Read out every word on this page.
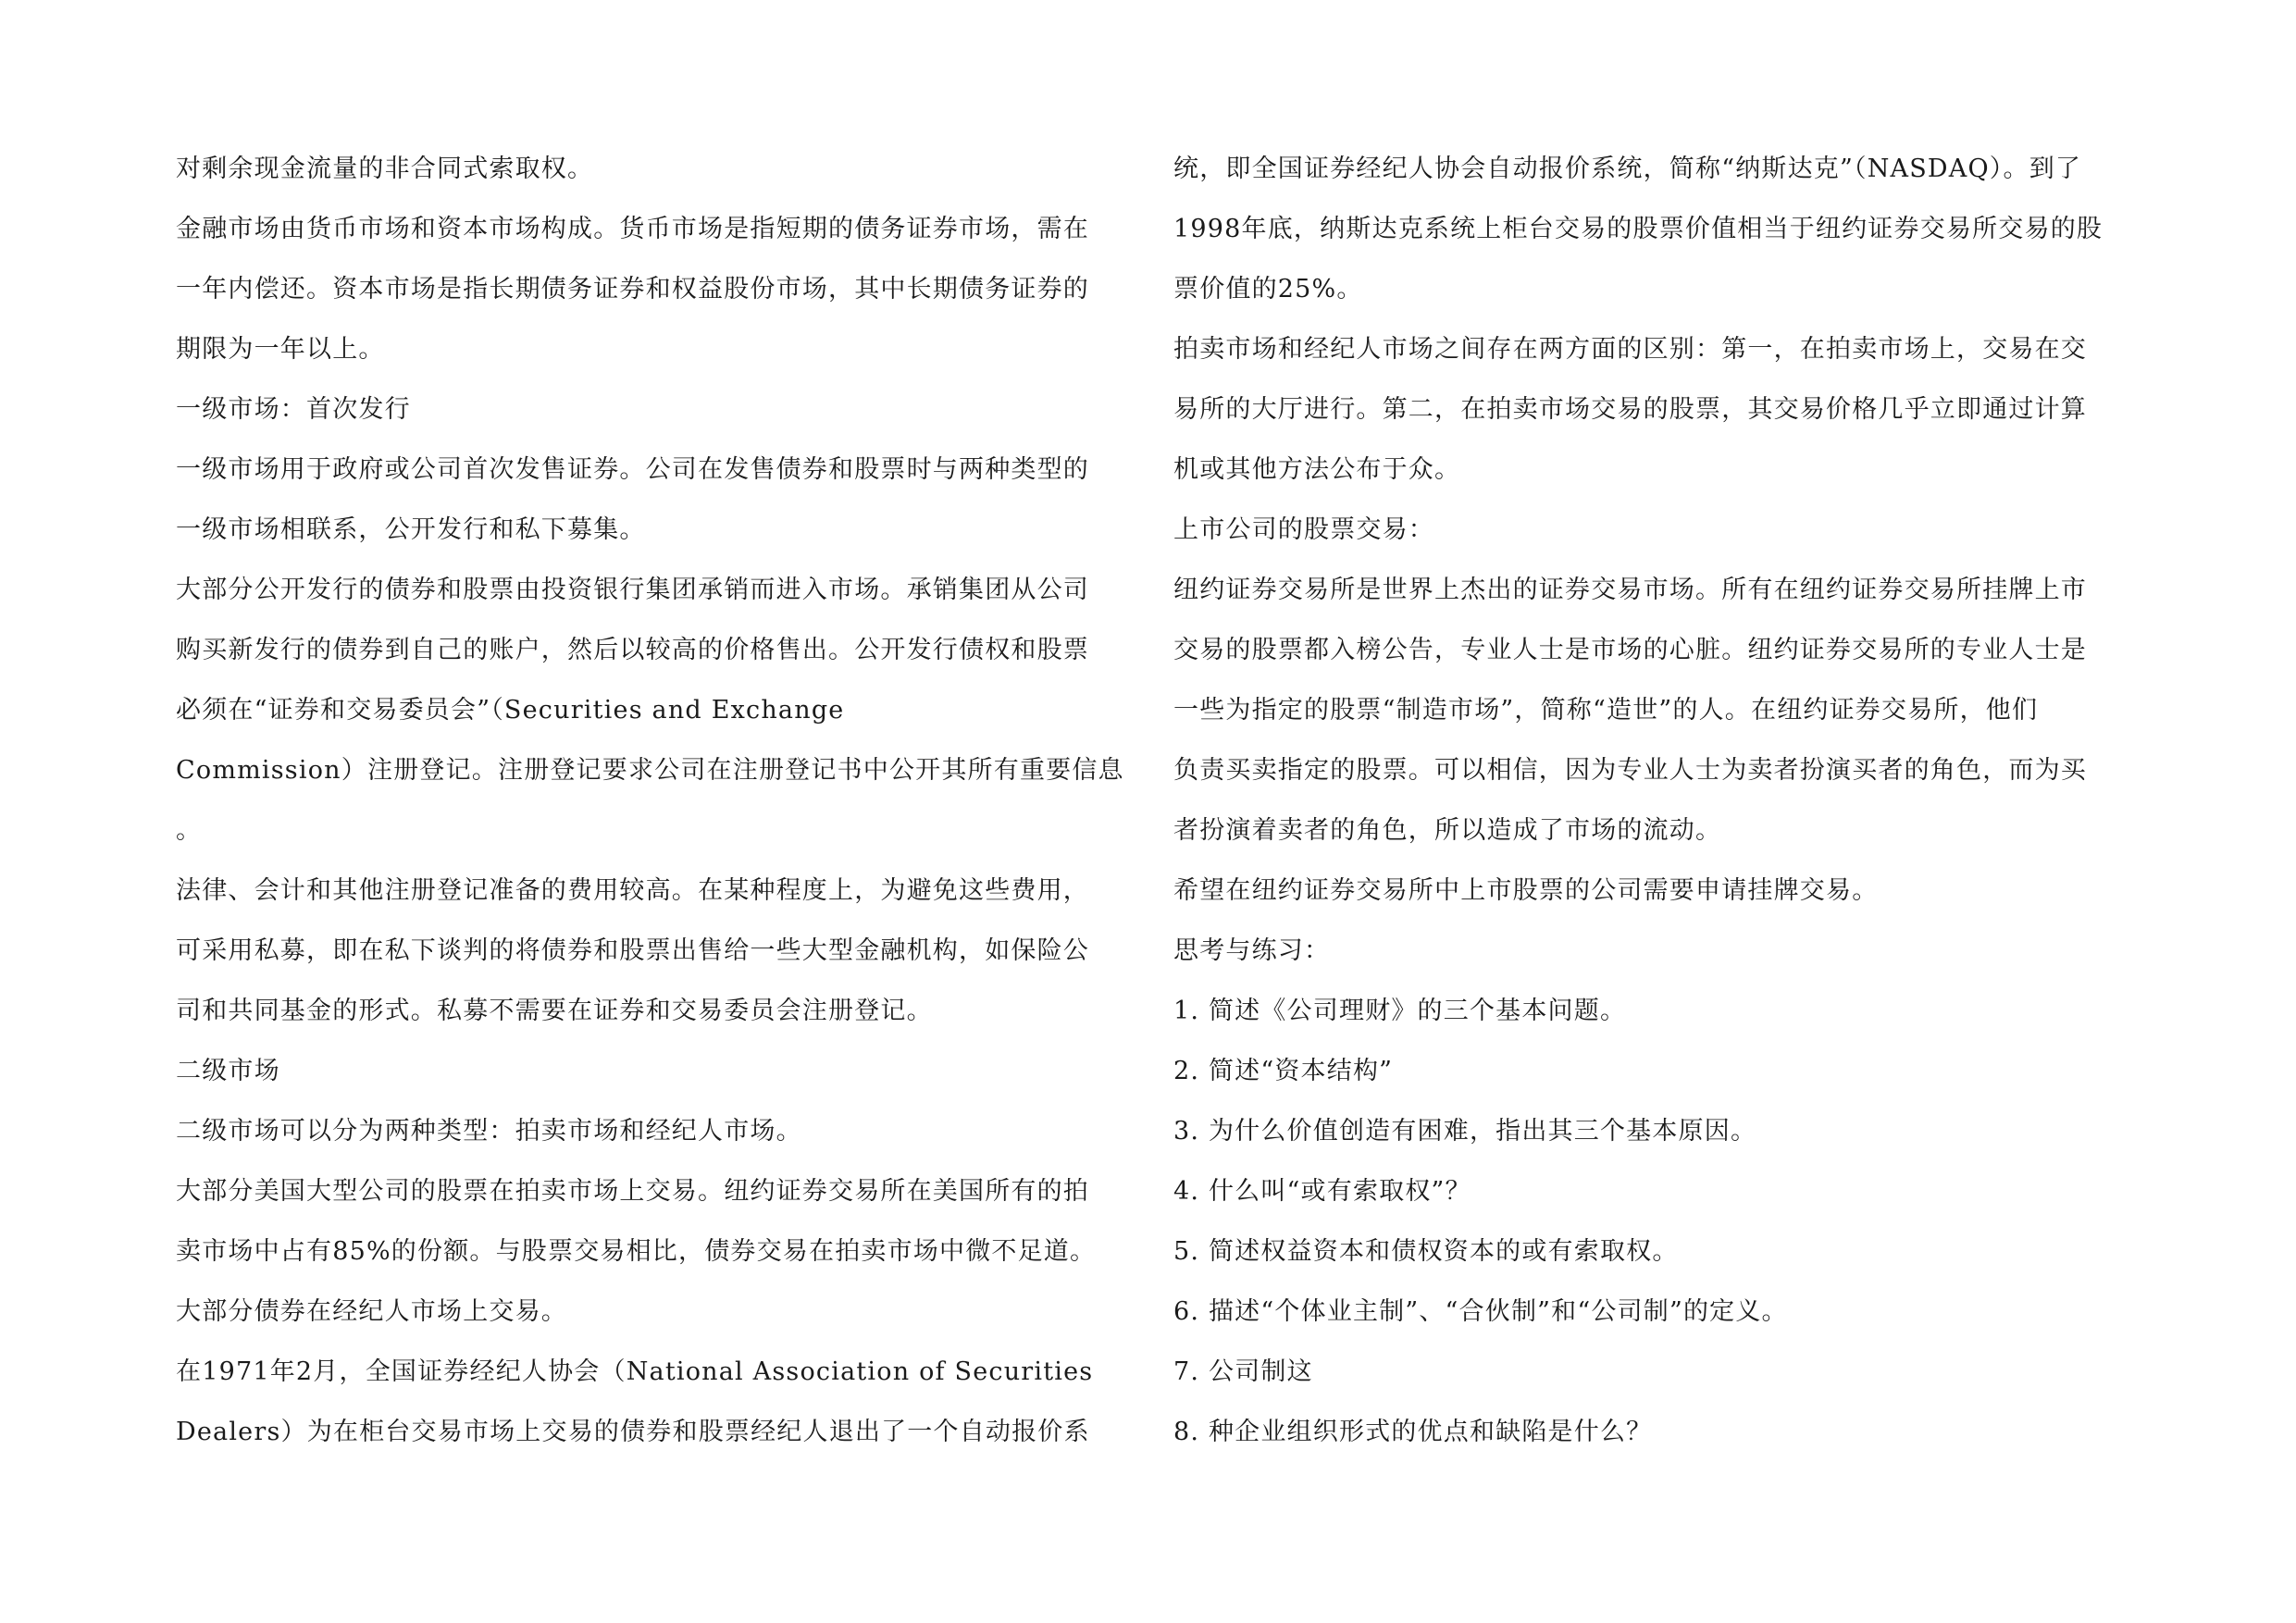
对剩余现金流量的非合同式索取权。
金融市场由货币市场和资本市场构成。货币市场是指短期的债务证券市场，需在
一年内偿还。资本市场是指长期债务证券和权益股份市场，其中长期债务证券的
期限为一年以上。
一级市场：首次发行
一级市场用于政府或公司首次发售证券。公司在发售债券和股票时与两种类型的
一级市场相联系，公开发行和私下募集。
大部分公开发行的债券和股票由投资银行集团承销而进入市场。承销集团从公司
购买新发行的债券到自己的账户，然后以较高的价格售出。公开发行债权和股票
必须在“证券和交易委员会”（Securities and Exchange
Commission）注册登记。注册登记要求公司在注册登记书中公开其所有重要信息
。
法律、会计和其他注册登记准备的费用较高。在某种程度上，为避免这些费用，
可采用私募，即在私下谈判的将债券和股票出售给一些大型金融机构，如保险公
司和共同基金的形式。私募不需要在证券和交易委员会注册登记。
二级市场
二级市场可以分为两种类型：拍卖市场和经纪人市场。
大部分美国大型公司的股票在拍卖市场上交易。纽约证券交易所在美国所有的拍
卖市场中占有85%的份额。与股票交易相比，债券交易在拍卖市场中微不足道。
大部分债券在经纪人市场上交易。
在1971年2月，全国证券经纪人协会（National Association of Securities
Dealers）为在柜台交易市场上交易的债券和股票经纪人退出了一个自动报价系
统，即全国证券经纪人协会自动报价系统，简称“纳斯达克”（NASDAQ）。到了
1998年底，纳斯达克系统上柜台交易的股票价值相当于纽约证券交易所交易的股
票价值的25%。
拍卖市场和经纪人市场之间存在两方面的区别：第一，在拍卖市场上，交易在交
易所的大厅进行。第二，在拍卖市场交易的股票，其交易价格几乎立即通过计算
机或其他方法公布于众。
上市公司的股票交易：
纽约证券交易所是世界上杰出的证券交易市场。所有在纽约证券交易所挂牌上市
交易的股票都入榜公告，专业人士是市场的心脏。纽约证券交易所的专业人士是
一些为指定的股票“制造市场”，简称“造世”的人。在纽约证券交易所，他们
负责买卖指定的股票。可以相信，因为专业人士为卖者扮演买者的角色，而为买
者扮演着卖者的角色，所以造成了市场的流动。
希望在纽约证券交易所中上市股票的公司需要申请挂牌交易。
思考与练习：
1. 简述《公司理财》的三个基本问题。
2. 简述“资本结构”
3. 为什么价值创造有困难，指出其三个基本原因。
4. 什么叫“或有索取权”？
5. 简述权益资本和债权资本的或有索取权。
6. 描述“个体业主制”、“合伙制”和“公司制”的定义。
7. 公司制这
8. 种企业组织形式的优点和缺陷是什么？
